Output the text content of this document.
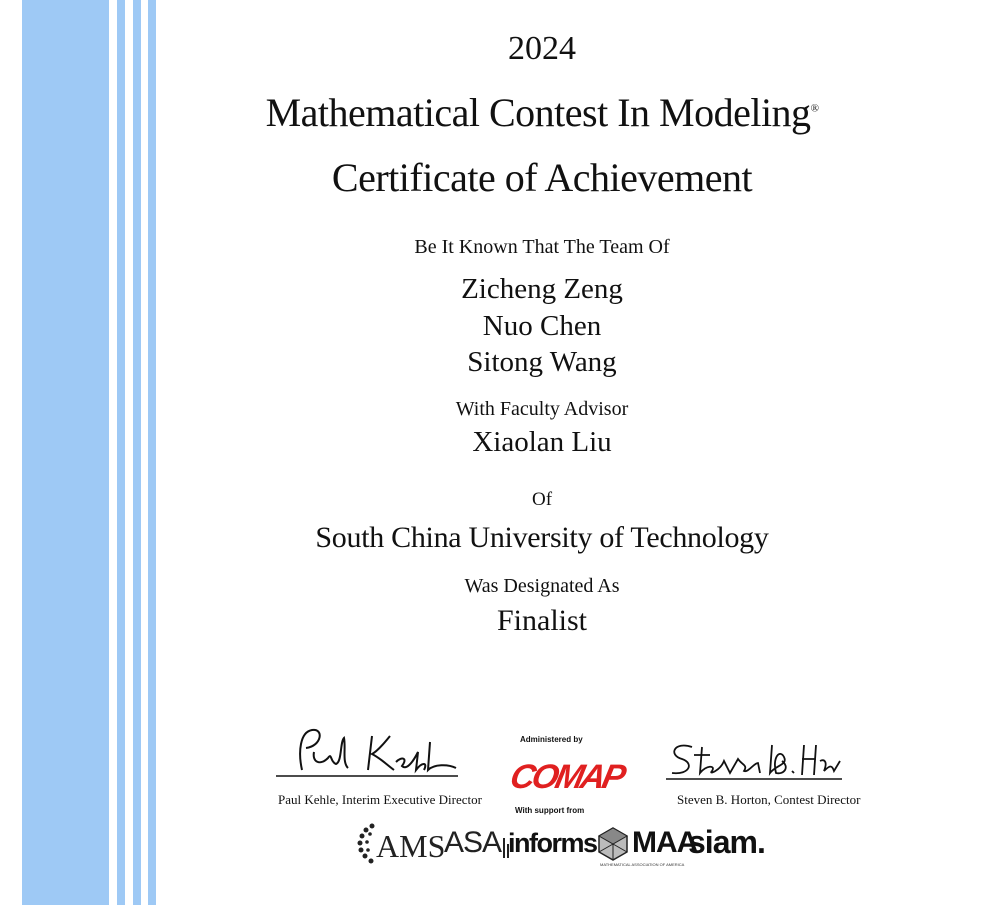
2024
Mathematical Contest In Modeling®
Certificate of Achievement
Be It Known That The Team Of
Zicheng Zeng
Nuo Chen
Sitong Wang
With Faculty Advisor
Xiaolan Liu
Of
South China University of Technology
Was Designated As
Finalist
Paul Kehle, Interim Executive Director	Steven B. Horton, Contest Director
Administered by
COMAP
With support from
AMS
ASA informs MAA
MATHEMATICAL ASSOCIATION OF AMERICA
siam.
